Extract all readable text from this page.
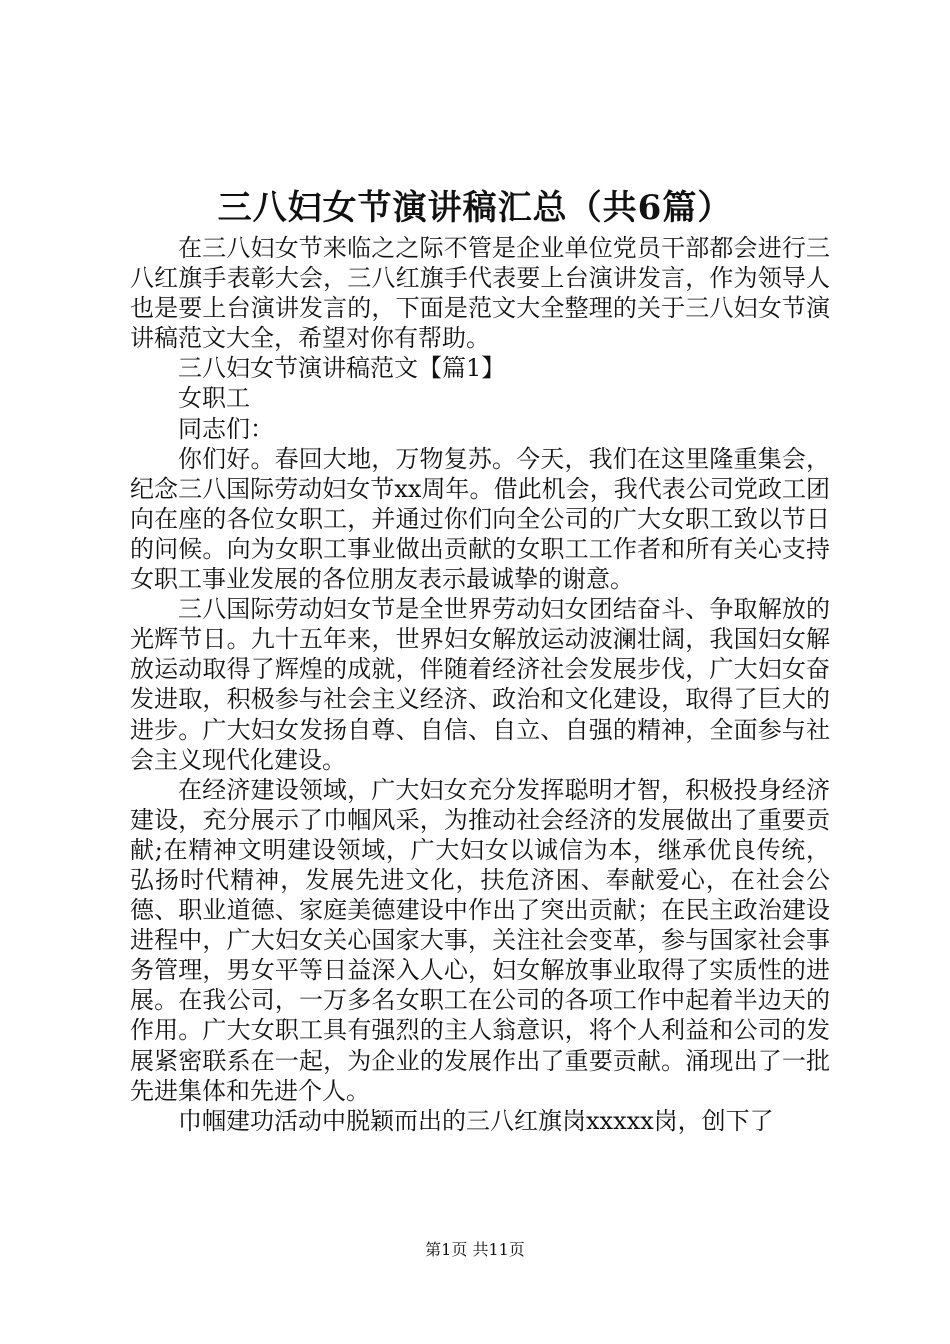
三八妇女节演讲稿汇总（共6篇）

在三八妇女节来临之之际不管是企业单位党员干部都会进行三八红旗手表彰大会，三八红旗手代表要上台演讲发言，作为领导人也是要上台演讲发言的，下面是范文大全整理的关于三八妇女节演讲稿范文大全，希望对你有帮助。

三八妇女节演讲稿范文【篇1】

女职工

同志们：

你们好。春回大地，万物复苏。今天，我们在这里隆重集会，纪念三八国际劳动妇女节xx周年。借此机会，我代表公司党政工团向在座的各位女职工，并通过你们向全公司的广大女职工致以节日的问候。向为女职工事业做出贡献的女职工工作者和所有关心支持女职工事业发展的各位朋友表示最诚挚的谢意。

三八国际劳动妇女节是全世界劳动妇女团结奋斗、争取解放的光辉节日。九十五年来，世界妇女解放运动波澜壮阔，我国妇女解放运动取得了辉煌的成就，伴随着经济社会发展步伐，广大妇女奋发进取，积极参与社会主义经济、政治和文化建设，取得了巨大的进步。广大妇女发扬自尊、自信、自立、自强的精神，全面参与社会主义现代化建设。

在经济建设领域，广大妇女充分发挥聪明才智，积极投身经济建设，充分展示了巾帼风采，为推动社会经济的发展做出了重要贡献;在精神文明建设领域，广大妇女以诚信为本，继承优良传统，弘扬时代精神，发展先进文化，扶危济困、奉献爱心，在社会公德、职业道德、家庭美德建设中作出了突出贡献；在民主政治建设进程中，广大妇女关心国家大事，关注社会变革，参与国家社会事务管理，男女平等日益深入人心，妇女解放事业取得了实质性的进展。在我公司，一万多名女职工在公司的各项工作中起着半边天的作用。广大女职工具有强烈的主人翁意识，将个人利益和公司的发展紧密联系在一起，为企业的发展作出了重要贡献。涌现出了一批先进集体和先进个人。

巾帼建功活动中脱颖而出的三八红旗岗xxxxx岗，创下了

第1页 共11页
